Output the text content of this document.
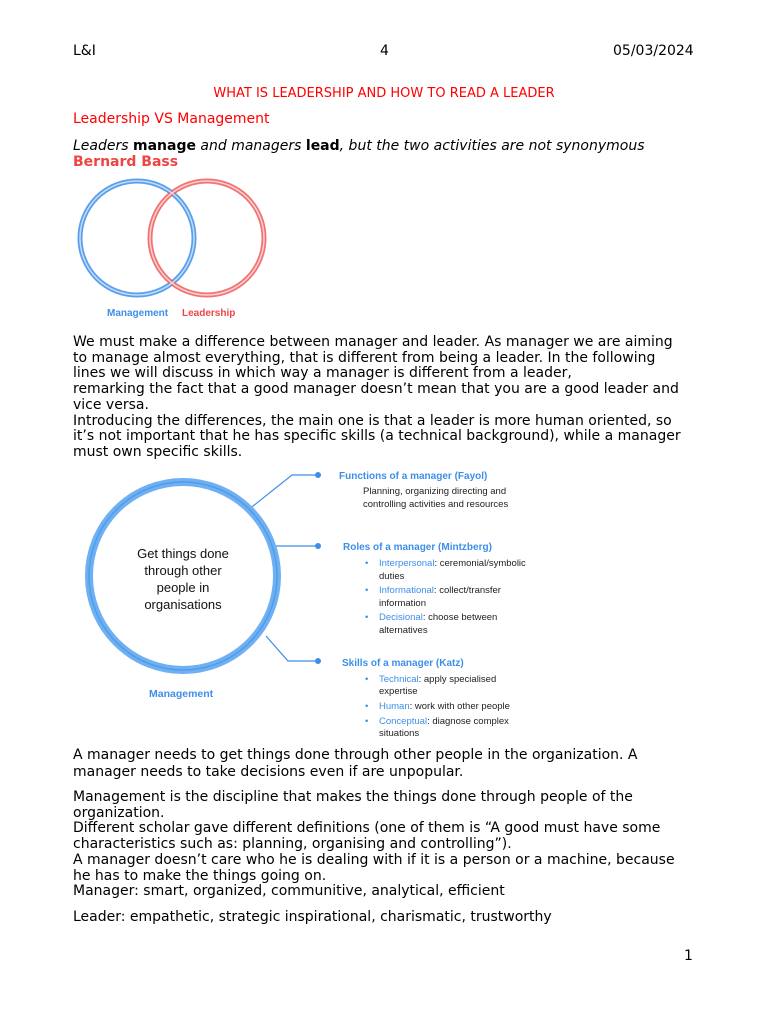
L&I	4	05/03/2024
WHAT IS LEADERSHIP AND HOW TO READ A LEADER
Leadership VS Management
Leaders manage and managers lead, but the two activities are not synonymous
Bernard Bass
Management Leadership

We must make a difference between manager and leader. As manager we are aiming

to manage almost everything, that is different from being a leader. In the following

lines we will discuss in which way a manager is different from a leader,

remarking the fact that a good manager doesn’t mean that you are a good leader and

vice versa.

Introducing the differences, the main one is that a leader is more human oriented, so

it’s not important that he has specific skills (a technical background), while a manager

must own specific skills.

Get things done
through other
people in
organisations
Management
Functions of a manager (Fayol)
Planning, organizing directing and
controlling activities and resources
Roles of a manager (Mintzberg)
• Interpersonal: ceremonial/symbolic
duties
• Informational: collect/transfer
information
• Decisional: choose between
alternatives
Skills of a manager (Katz)
• Technical: apply specialised
expertise
• Human: work with other people
• Conceptual: diagnose complex
situations

A manager needs to get things done through other people in the organization. A

manager needs to take decisions even if are unpopular.

Management is the discipline that makes the things done through people of the

organization.

Different scholar gave different definitions (one of them is “A good must have some

characteristics such as: planning, organising and controlling”).

A manager doesn’t care who he is dealing with if it is a person or a machine, because

he has to make the things going on.

Manager: smart, organized, communitive, analytical, efficient

Leader: empathetic, strategic inspirational, charismatic, trustworthy
1
